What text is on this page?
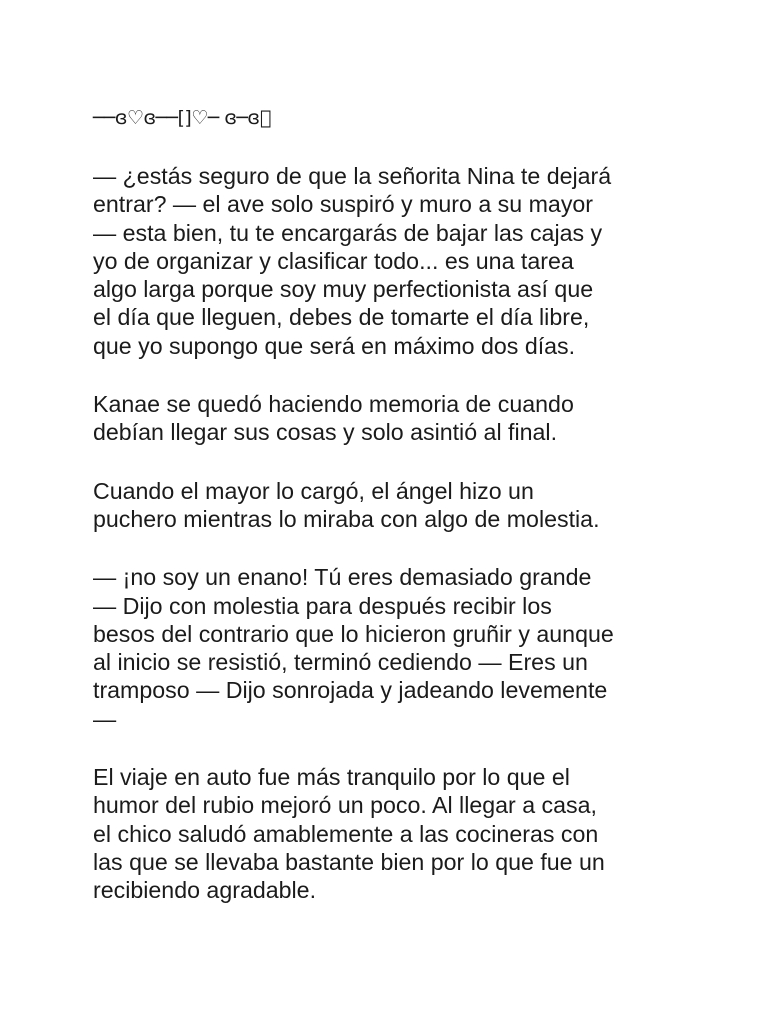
──ɞ♡ɞ──[]♡─ ɞ─ɞ⃞

— ¿estás seguro de que la señorita Nina te dejará
entrar? — el ave solo suspiró y muro a su mayor
— esta bien, tu te encargarás de bajar las cajas y
yo de organizar y clasificar todo... es una tarea
algo larga porque soy muy perfectionista así que
el día que lleguen, debes de tomarte el día libre,
que yo supongo que será en máximo dos días.

Kanae se quedó haciendo memoria de cuando
debían llegar sus cosas y solo asintió al final.

Cuando el mayor lo cargó, el ángel hizo un
puchero mientras lo miraba con algo de molestia.

— ¡no soy un enano! Tú eres demasiado grande
— Dijo con molestia para después recibir los
besos del contrario que lo hicieron gruñir y aunque
al inicio se resistió, terminó cediendo — Eres un
tramposo — Dijo sonrojada y jadeando levemente
—

El viaje en auto fue más tranquilo por lo que el
humor del rubio mejoró un poco. Al llegar a casa,
el chico saludó amablemente a las cocineras con
las que se llevaba bastante bien por lo que fue un
recibiendo agradable.
